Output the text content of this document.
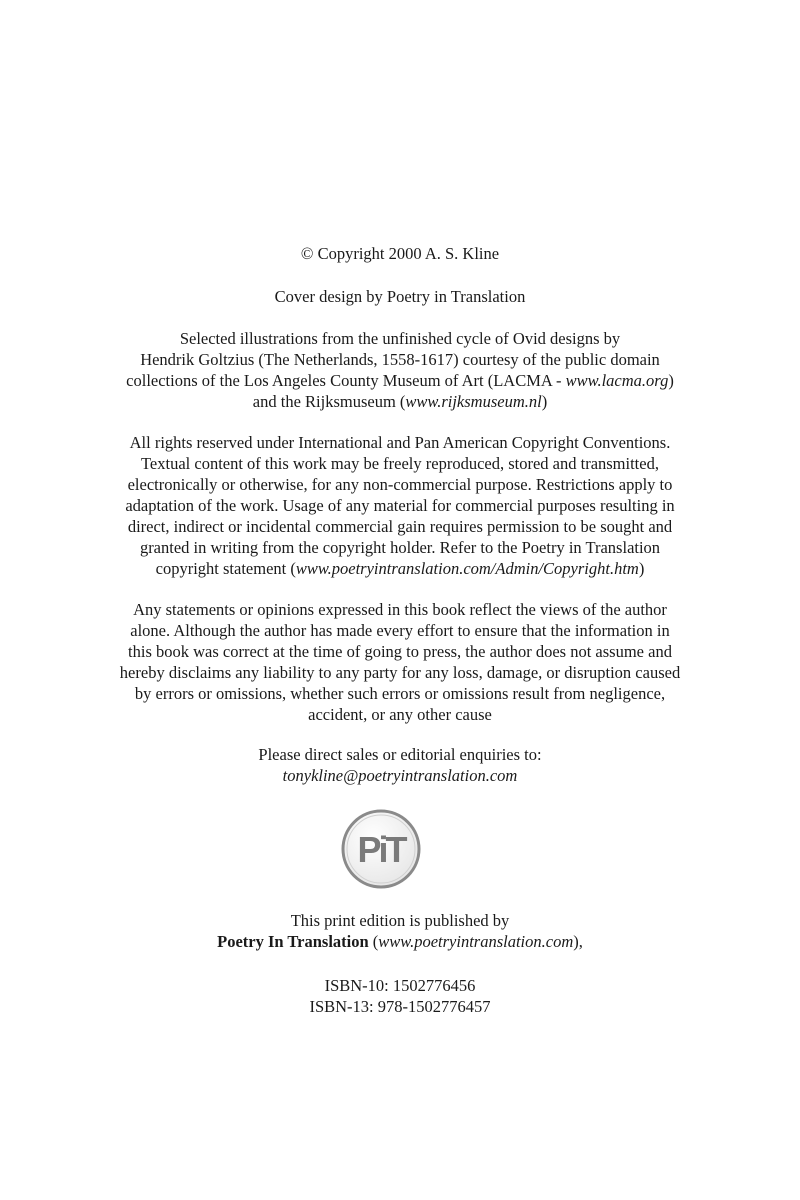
© Copyright 2000 A. S. Kline
Cover design by Poetry in Translation
Selected illustrations from the unfinished cycle of Ovid designs by
Hendrik Goltzius (The Netherlands, 1558-1617) courtesy of the public domain
collections of the Los Angeles County Museum of Art (LACMA - www.lacma.org)
and the Rijksmuseum (www.rijksmuseum.nl)
All rights reserved under International and Pan American Copyright Conventions.
Textual content of this work may be freely reproduced, stored and transmitted,
electronically or otherwise, for any non-commercial purpose. Restrictions apply to
adaptation of the work. Usage of any material for commercial purposes resulting in
direct, indirect or incidental commercial gain requires permission to be sought and
granted in writing from the copyright holder. Refer to the Poetry in Translation
copyright statement (www.poetryintranslation.com/Admin/Copyright.htm)
Any statements or opinions expressed in this book reflect the views of the author
alone. Although the author has made every effort to ensure that the information in
this book was correct at the time of going to press, the author does not assume and
hereby disclaims any liability to any party for any loss, damage, or disruption caused
by errors or omissions, whether such errors or omissions result from negligence,
accident, or any other cause
Please direct sales or editorial enquiries to:
tonykline@poetryintranslation.com
PiT
This print edition is published by
Poetry In Translation (www.poetryintranslation.com),
ISBN-10: 1502776456
ISBN-13: 978-1502776457
